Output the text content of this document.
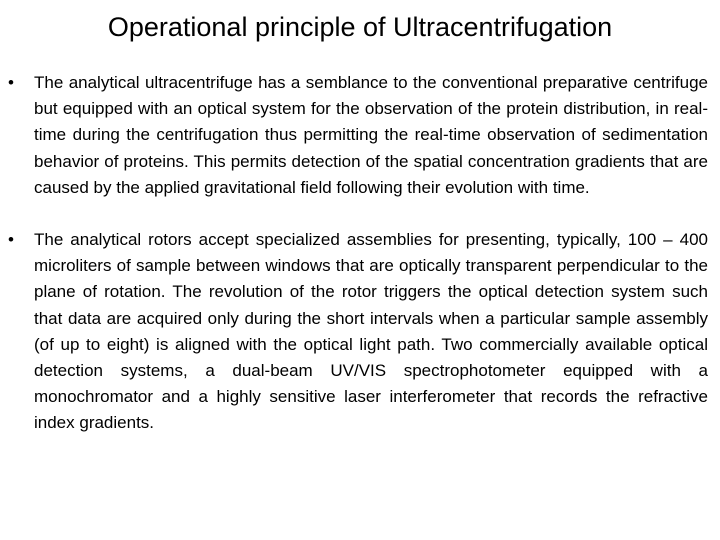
Operational principle of Ultracentrifugation
• The analytical ultracentrifuge has a semblance to the conventional preparative centrifuge but equipped with an optical system for the observation of the protein distribution, in real-time during the centrifugation thus permitting the real-time observation of sedimentation behavior of proteins. This permits detection of the spatial concentration gradients that are caused by the applied gravitational field following their evolution with time.
• The analytical rotors accept specialized assemblies for presenting, typically, 100 – 400 microliters of sample between windows that are optically transparent perpendicular to the plane of rotation. The revolution of the rotor triggers the optical detection system such that data are acquired only during the short intervals when a particular sample assembly (of up to eight) is aligned with the optical light path. Two commercially available optical detection systems, a dual-beam UV/VIS spectrophotometer equipped with a monochromator and a highly sensitive laser interferometer that records the refractive index gradients.
